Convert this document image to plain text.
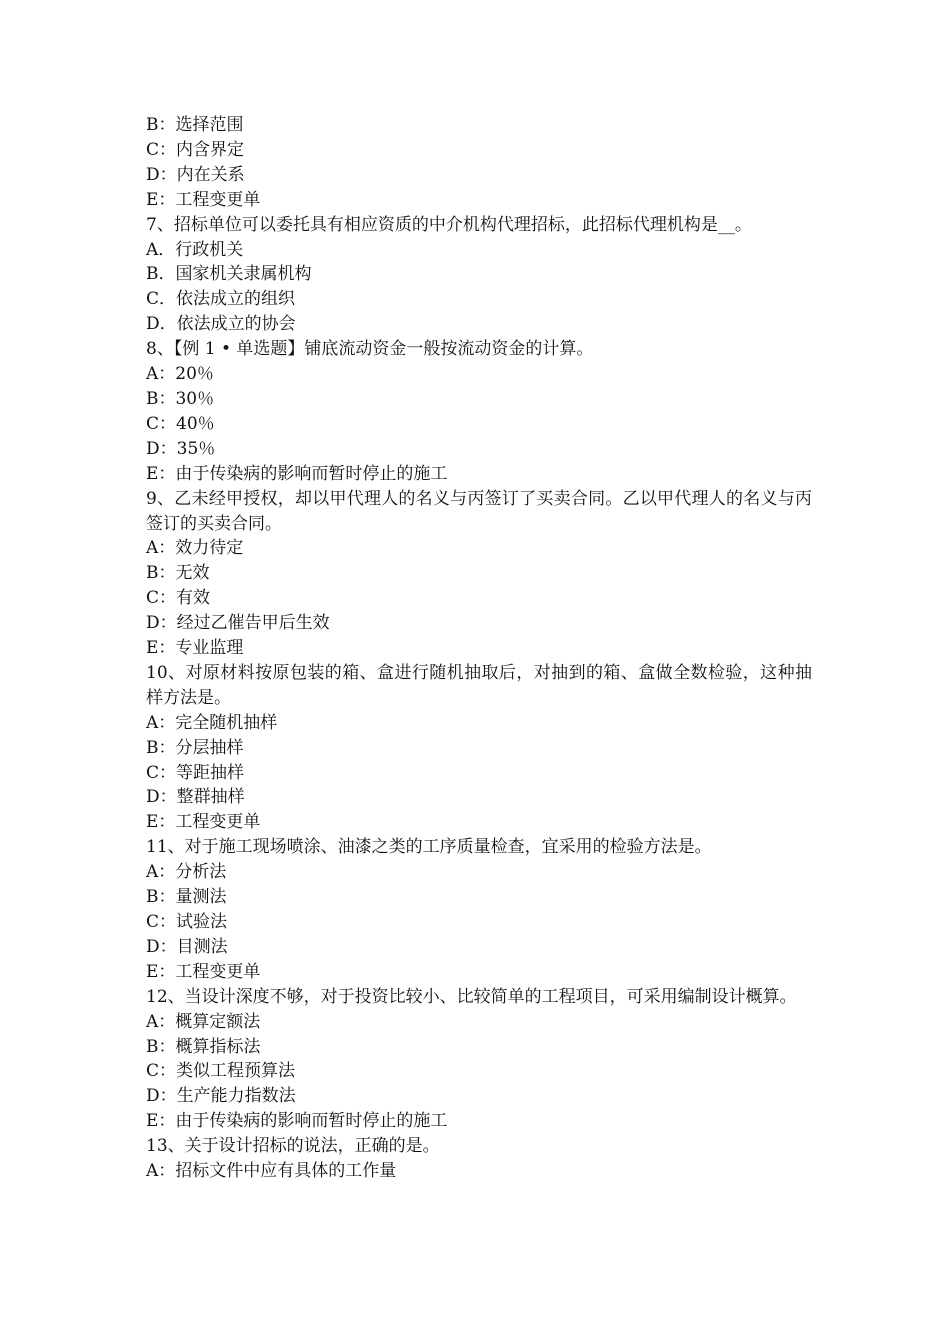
B：选择范围

C：内含界定

D：内在关系

E：工程变更单

7、招标单位可以委托具有相应资质的中介机构代理招标，此招标代理机构是__。

A．行政机关

B．国家机关隶属机构

C．依法成立的组织

D．依法成立的协会

8、【例 1 • 单选题】铺底流动资金一般按流动资金的计算。

A：20％

B：30％

C：40％

D：35％

E：由于传染病的影响而暂时停止的施工

9、乙未经甲授权，却以甲代理人的名义与丙签订了买卖合同。乙以甲代理人的名义与丙签订的买卖合同。

A：效力待定

B：无效

C：有效

D：经过乙催告甲后生效

E：专业监理

10、对原材料按原包装的箱、盒进行随机抽取后，对抽到的箱、盒做全数检验，这种抽样方法是。

A：完全随机抽样

B：分层抽样

C：等距抽样

D：整群抽样

E：工程变更单

11、对于施工现场喷涂、油漆之类的工序质量检查，宜采用的检验方法是。

A：分析法

B：量测法

C：试验法

D：目测法

E：工程变更单

12、当设计深度不够，对于投资比较小、比较简单的工程项目，可采用编制设计概算。

A：概算定额法

B：概算指标法

C：类似工程预算法

D：生产能力指数法

E：由于传染病的影响而暂时停止的施工

13、关于设计招标的说法，正确的是。

A：招标文件中应有具体的工作量
